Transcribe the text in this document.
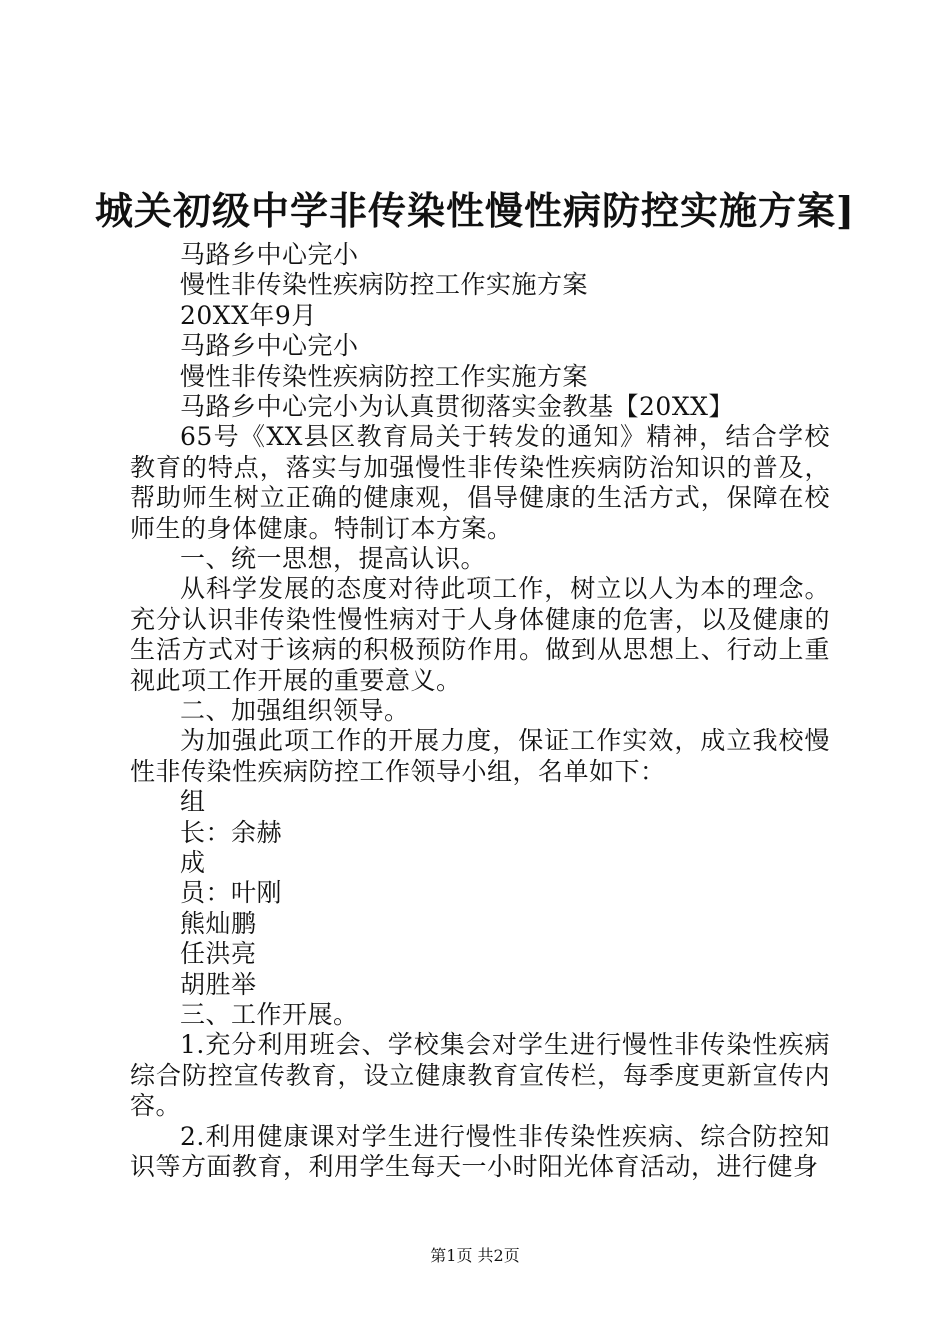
城关初级中学非传染性慢性病防控实施方案]
马路乡中心完小
慢性非传染性疾病防控工作实施方案
20XX年9月
马路乡中心完小
慢性非传染性疾病防控工作实施方案
马路乡中心完小为认真贯彻落实金教基【20XX】

65号《XX县区教育局关于转发的通知》精神，结合学校教育的特点，落实与加强慢性非传染性疾病防治知识的普及，帮助师生树立正确的健康观，倡导健康的生活方式，保障在校师生的身体健康。特制订本方案。

一、统一思想，提高认识。

从科学发展的态度对待此项工作，树立以人为本的理念。充分认识非传染性慢性病对于人身体健康的危害，以及健康的生活方式对于该病的积极预防作用。做到从思想上、行动上重视此项工作开展的重要意义。

二、加强组织领导。

为加强此项工作的开展力度，保证工作实效，成立我校慢性非传染性疾病防控工作领导小组，名单如下：

组
长：余赫
成
员：叶刚
熊灿鹏
任洪亮
胡胜举
三、工作开展。

1.充分利用班会、学校集会对学生进行慢性非传染性疾病综合防控宣传教育，设立健康教育宣传栏，每季度更新宣传内容。

2.利用健康课对学生进行慢性非传染性疾病、综合防控知识等方面教育，利用学生每天一小时阳光体育活动，进行健身

第1页 共2页
